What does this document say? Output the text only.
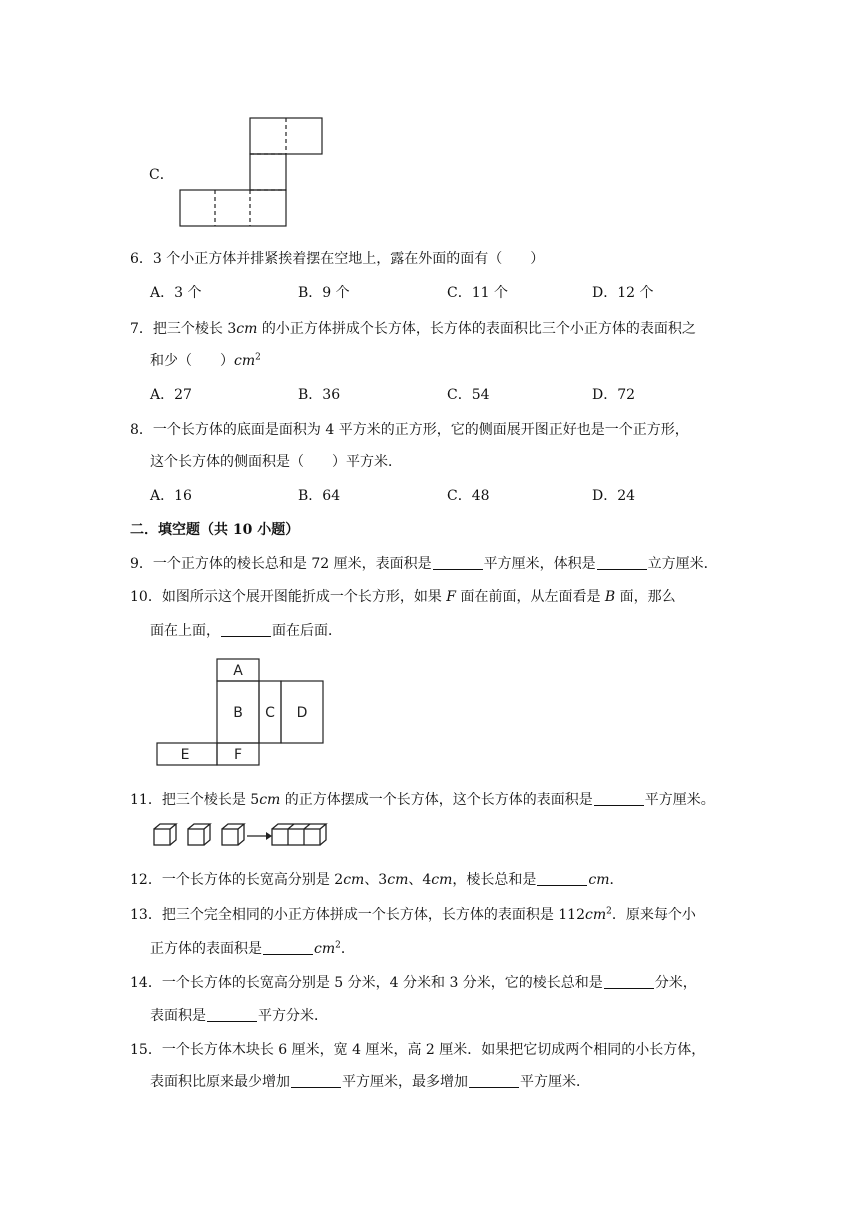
C．
6．3 个小正方体并排紧挨着摆在空地上，露在外面的面有（　　）
A．3 个	B．9 个	C．11 个	D．12 个
7．把三个棱长 3cm 的小正方体拼成个长方体，长方体的表面积比三个小正方体的表面积之
和少（　　）$cm^2$
A．27	B．36	C．54	D．72
8．一个长方体的底面是面积为 4 平方米的正方形，它的侧面展开图正好也是一个正方形，
这个长方体的侧面积是（　　）平方米．
A．16	B．64	C．48	D．24
二．填空题（共 10 小题）
9．一个正方体的棱长总和是 72 厘米，表面积是	平方厘米，体积是	立方厘米．
10．如图所示这个展开图能折成一个长方形，如果 F 面在前面，从左面看是 B 面，那么
面在上面，	面在后面．
A
B C D
E	F
11．把三个棱长是 5cm 的正方体摆成一个长方体，这个长方体的表面积是	平方厘米。
12．一个长方体的长宽高分别是 2cm、3cm、4cm，棱长总和是	cm．
13．把三个完全相同的小正方体拼成一个长方体，长方体的表面积是 $112cm^2$．原来每个小
正方体的表面积是	$cm^2$．
14．一个长方体的长宽高分别是 5 分米，4 分米和 3 分米，它的棱长总和是	分米，
表面积是	平方分米．
15．一个长方体木块长 6 厘米，宽 4 厘米，高 2 厘米．如果把它切成两个相同的小长方体，
表面积比原来最少增加	平方厘米，最多增加	平方厘米．
